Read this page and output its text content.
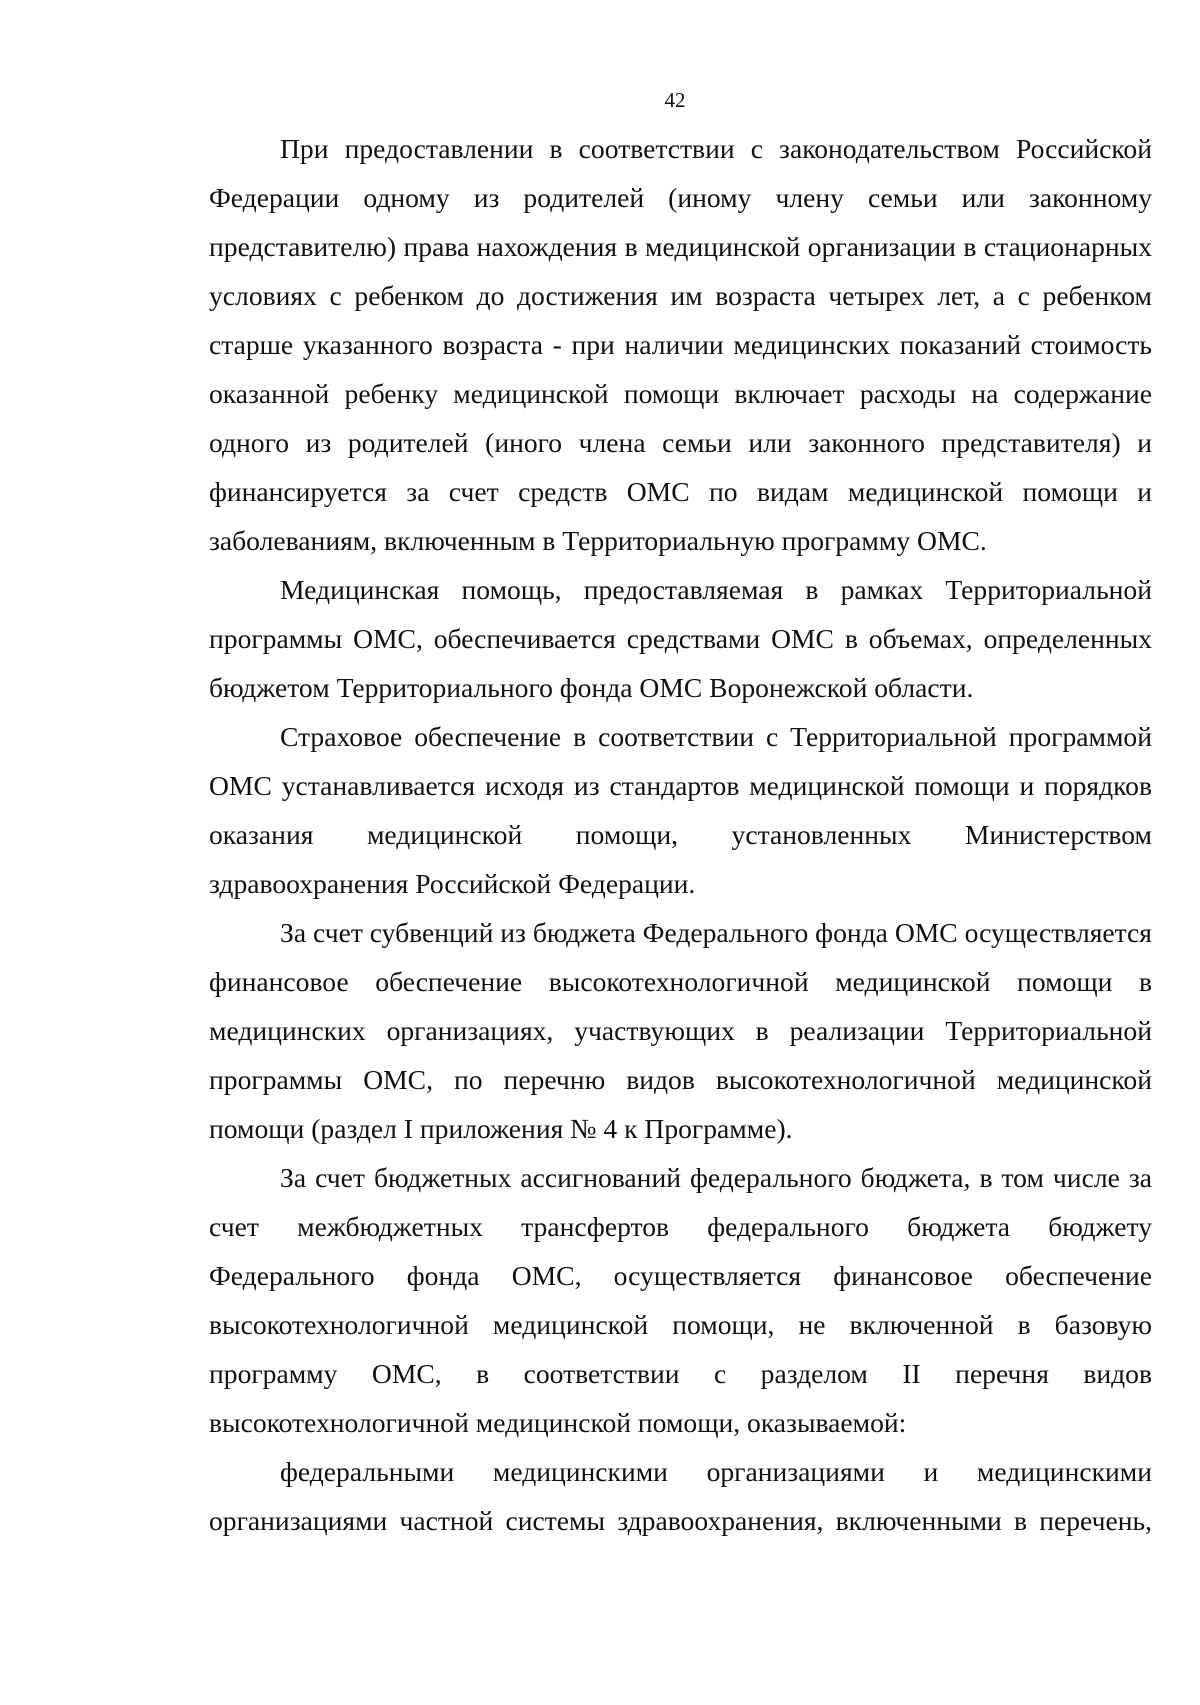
42

При предоставлении в соответствии с законодательством Российской Федерации одному из родителей (иному члену семьи или законному представителю) права нахождения в медицинской организации в стационарных условиях с ребенком до достижения им возраста четырех лет, а с ребенком старше указанного возраста - при наличии медицинских показаний стоимость оказанной ребенку медицинской помощи включает расходы на содержание одного из родителей (иного члена семьи или законного представителя) и финансируется за счет средств ОМС по видам медицинской помощи и заболеваниям, включенным в Территориальную программу ОМС.

Медицинская помощь, предоставляемая в рамках Территориальной программы ОМС, обеспечивается средствами ОМС в объемах, определенных бюджетом Территориального фонда ОМС Воронежской области.

Страховое обеспечение в соответствии с Территориальной программой ОМС устанавливается исходя из стандартов медицинской помощи и порядков оказания медицинской помощи, установленных Министерством здравоохранения Российской Федерации.

За счет субвенций из бюджета Федерального фонда ОМС осуществляется финансовое обеспечение высокотехнологичной медицинской помощи в медицинских организациях, участвующих в реализации Территориальной программы ОМС, по перечню видов высокотехнологичной медицинской помощи (раздел I приложения № 4 к Программе).

За счет бюджетных ассигнований федерального бюджета, в том числе за счет межбюджетных трансфертов федерального бюджета бюджету Федерального фонда ОМС, осуществляется финансовое обеспечение высокотехнологичной медицинской помощи, не включенной в базовую программу ОМС, в соответствии с разделом II перечня видов высокотехнологичной медицинской помощи, оказываемой:

федеральными медицинскими организациями и медицинскими организациями частной системы здравоохранения, включенными в перечень,
